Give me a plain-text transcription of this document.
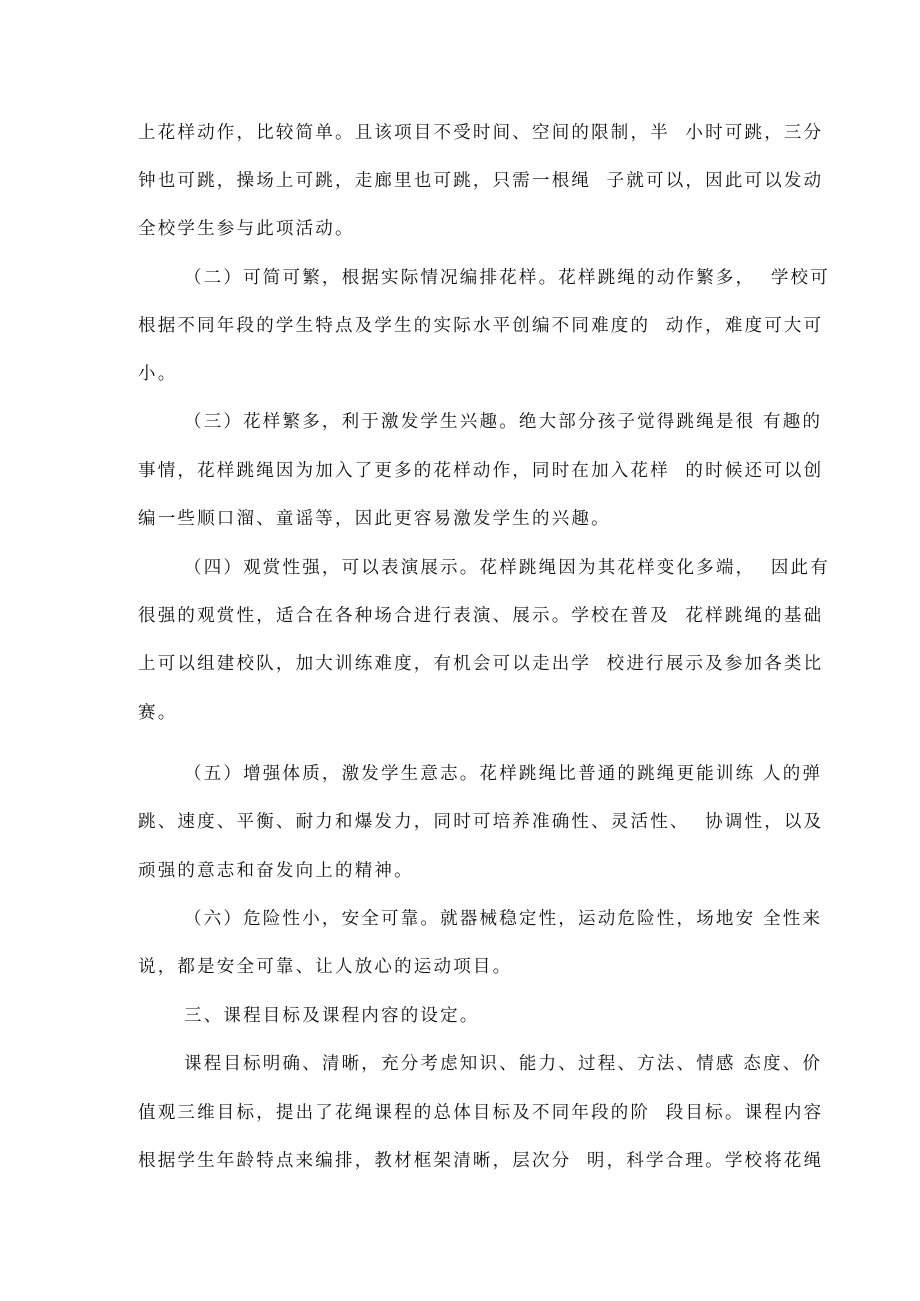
上花样动作，比较简单。且该项目不受时间、空间的限制，半  小时可跳，三分
钟也可跳，操场上可跳，走廊里也可跳，只需一根绳  子就可以，因此可以发动
全校学生参与此项活动。
（二）可简可繁，根据实际情况编排花样。花样跳绳的动作繁多，  学校可
根据不同年段的学生特点及学生的实际水平创编不同难度的  动作，难度可大可
小。
（三）花样繁多，利于激发学生兴趣。绝大部分孩子觉得跳绳是很 有趣的
事情，花样跳绳因为加入了更多的花样动作，同时在加入花样  的时候还可以创
编一些顺口溜、童谣等，因此更容易激发学生的兴趣。
（四）观赏性强，可以表演展示。花样跳绳因为其花样变化多端，  因此有
很强的观赏性，适合在各种场合进行表演、展示。学校在普及  花样跳绳的基础
上可以组建校队，加大训练难度，有机会可以走出学  校进行展示及参加各类比
赛。
（五）增强体质，激发学生意志。花样跳绳比普通的跳绳更能训练 人的弹
跳、速度、平衡、耐力和爆发力，同时可培养准确性、灵活性、  协调性，以及
顽强的意志和奋发向上的精神。
（六）危险性小，安全可靠。就器械稳定性，运动危险性，场地安 全性来
说，都是安全可靠、让人放心的运动项目。
三、课程目标及课程内容的设定。
课程目标明确、清晰，充分考虑知识、能力、过程、方法、情感 态度、价
值观三维目标，提出了花绳课程的总体目标及不同年段的阶  段目标。课程内容
根据学生年龄特点来编排，教材框架清晰，层次分  明，科学合理。学校将花绳
